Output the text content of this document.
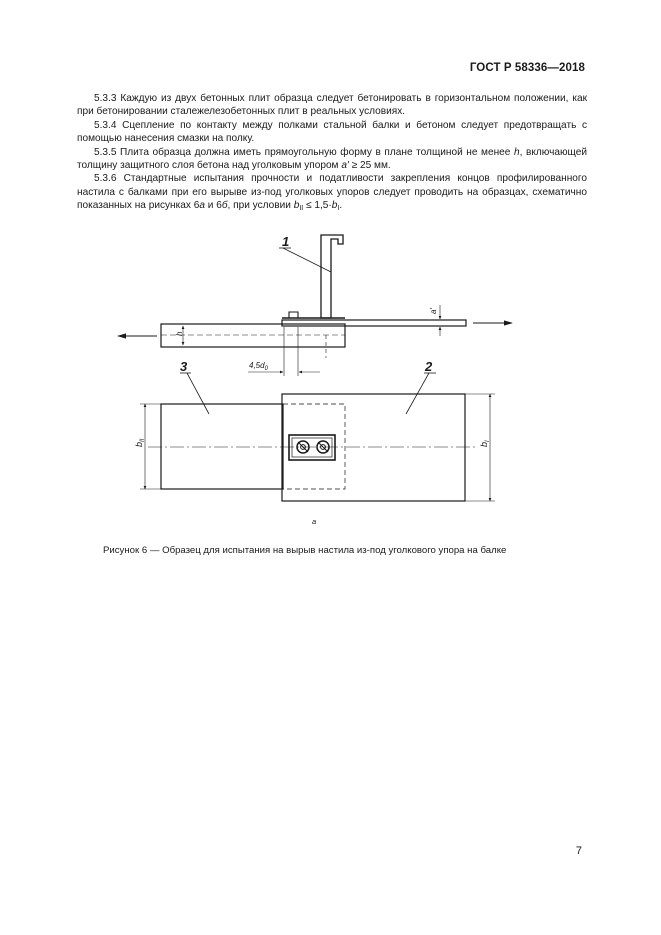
ГОСТ Р 58336—2018

5.3.3 Каждую из двух бетонных плит образца следует бетонировать в горизонтальном положении, как при бетонировании сталежелезобетонных плит в реальных условиях.

5.3.4 Сцепление по контакту между полками стальной балки и бетоном следует предотвращать с помощью нанесения смазки на полку.

5.3.5 Плита образца должна иметь прямоугольную форму в плане толщиной не менее h, включающей толщину защитного слоя бетона над уголковым упором a' ≥ 25 мм.

5.3.6 Стандартные испытания прочности и податливости закрепления концов профилированного настила с балками при его вырыве из-под уголковых упоров следует проводить на образцах, схематично показанных на рисунках 6а и 6б, при условии $b_{II} \le 1,5\cdot b_I$.

1
3	2
$4,5d_0$
h
a'
$b_{II}$
$b_I$
а
Рисунок 6 — Образец для испытания на вырыв настила из-под уголкового упора на балке
7
